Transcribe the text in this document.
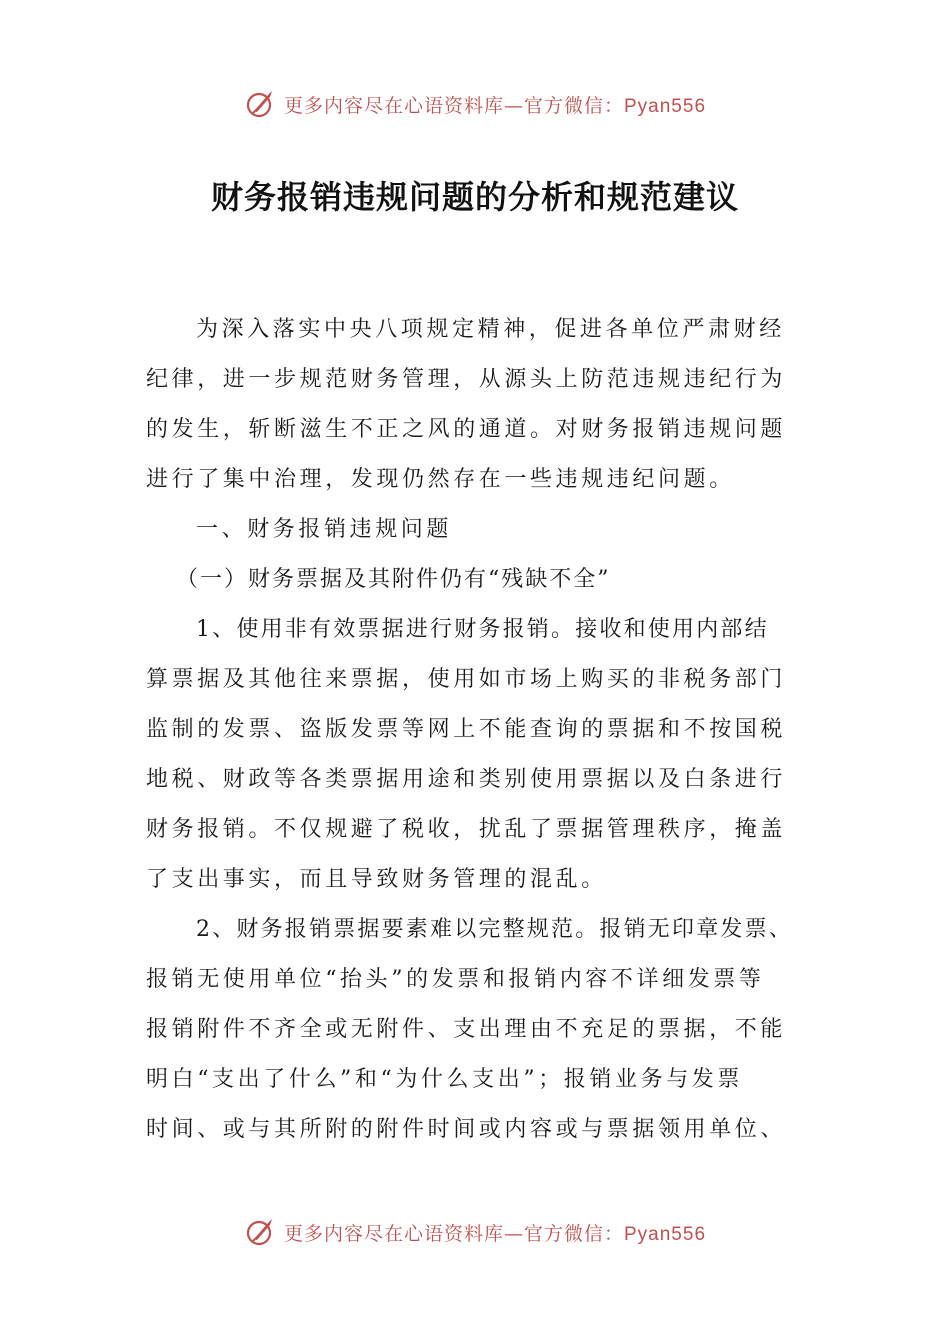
更多内容尽在心语资料库—官方微信：Pyan556
财务报销违规问题的分析和规范建议
为深入落实中央八项规定精神，促进各单位严肃财经
纪律，进一步规范财务管理，从源头上防范违规违纪行为
的发生，斩断滋生不正之风的通道。对财务报销违规问题
进行了集中治理，发现仍然存在一些违规违纪问题。
一、财务报销违规问题
（一）财务票据及其附件仍有“残缺不全”
1、使用非有效票据进行财务报销。接收和使用内部结
算票据及其他往来票据，使用如市场上购买的非税务部门
监制的发票、盗版发票等网上不能查询的票据和不按国税
地税、财政等各类票据用途和类别使用票据以及白条进行
财务报销。不仅规避了税收，扰乱了票据管理秩序，掩盖
了支出事实，而且导致财务管理的混乱。
2、财务报销票据要素难以完整规范。报销无印章发票、
报销无使用单位“抬头”的发票和报销内容不详细发票等
报销附件不齐全或无附件、支出理由不充足的票据，不能
明白“支出了什么”和“为什么支出”；报销业务与发票
时间、或与其所附的附件时间或内容或与票据领用单位、
更多内容尽在心语资料库—官方微信：Pyan556
